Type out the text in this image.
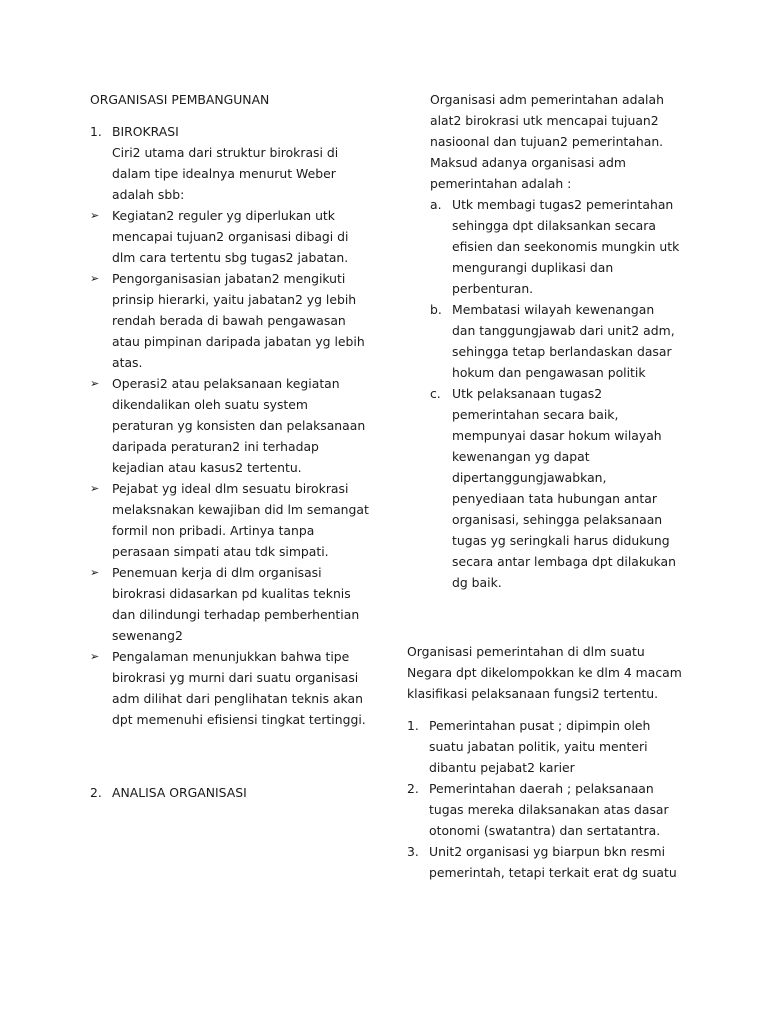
ORGANISASI PEMBANGUNAN
1. BIROKRASI
Ciri2 utama dari struktur birokrasi di dalam tipe idealnya menurut Weber adalah sbb:
➢ Kegiatan2 reguler yg diperlukan utk mencapai tujuan2 organisasi dibagi di dlm cara tertentu sbg tugas2 jabatan.
➢ Pengorganisasian jabatan2 mengikuti prinsip hierarki, yaitu jabatan2 yg lebih rendah berada di bawah pengawasan atau pimpinan daripada jabatan yg lebih atas.
➢ Operasi2 atau pelaksanaan kegiatan dikendalikan oleh suatu system peraturan yg konsisten dan pelaksanaan daripada peraturan2 ini terhadap kejadian atau kasus2 tertentu.
➢ Pejabat yg ideal dlm sesuatu birokrasi melaksnakan kewajiban did lm semangat formil non pribadi. Artinya tanpa perasaan simpati atau tdk simpati.
➢ Penemuan kerja di dlm organisasi birokrasi didasarkan pd kualitas teknis dan dilindungi terhadap pemberhentian sewenang2
➢ Pengalaman menunjukkan bahwa tipe birokrasi yg murni dari suatu organisasi adm dilihat dari penglihatan teknis akan dpt memenuhi efisiensi tingkat tertinggi.
2. ANALISA ORGANISASI
Organisasi adm pemerintahan adalah alat2 birokrasi utk mencapai tujuan2 nasioonal dan tujuan2 pemerintahan. Maksud adanya organisasi adm pemerintahan adalah :
a. Utk membagi tugas2 pemerintahan sehingga dpt dilaksankan secara efisien dan seekonomis mungkin utk mengurangi duplikasi dan perbenturan.
b. Membatasi wilayah kewenangan dan tanggungjawab dari unit2 adm, sehingga tetap berlandaskan dasar hokum dan pengawasan politik
c. Utk pelaksanaan tugas2 pemerintahan secara baik, mempunyai dasar hokum wilayah kewenangan yg dapat dipertanggungjawabkan, penyediaan tata hubungan antar organisasi, sehingga pelaksanaan tugas yg seringkali harus didukung secara antar lembaga dpt dilakukan dg baik.
Organisasi pemerintahan di dlm suatu Negara dpt dikelompokkan ke dlm 4 macam klasifikasi pelaksanaan fungsi2 tertentu.
1. Pemerintahan pusat ; dipimpin oleh suatu jabatan politik, yaitu menteri dibantu pejabat2 karier
2. Pemerintahan daerah ; pelaksanaan tugas mereka dilaksanakan atas dasar otonomi (swatantra) dan sertatantra.
3. Unit2 organisasi yg biarpun bkn resmi pemerintah, tetapi terkait erat dg suatu
